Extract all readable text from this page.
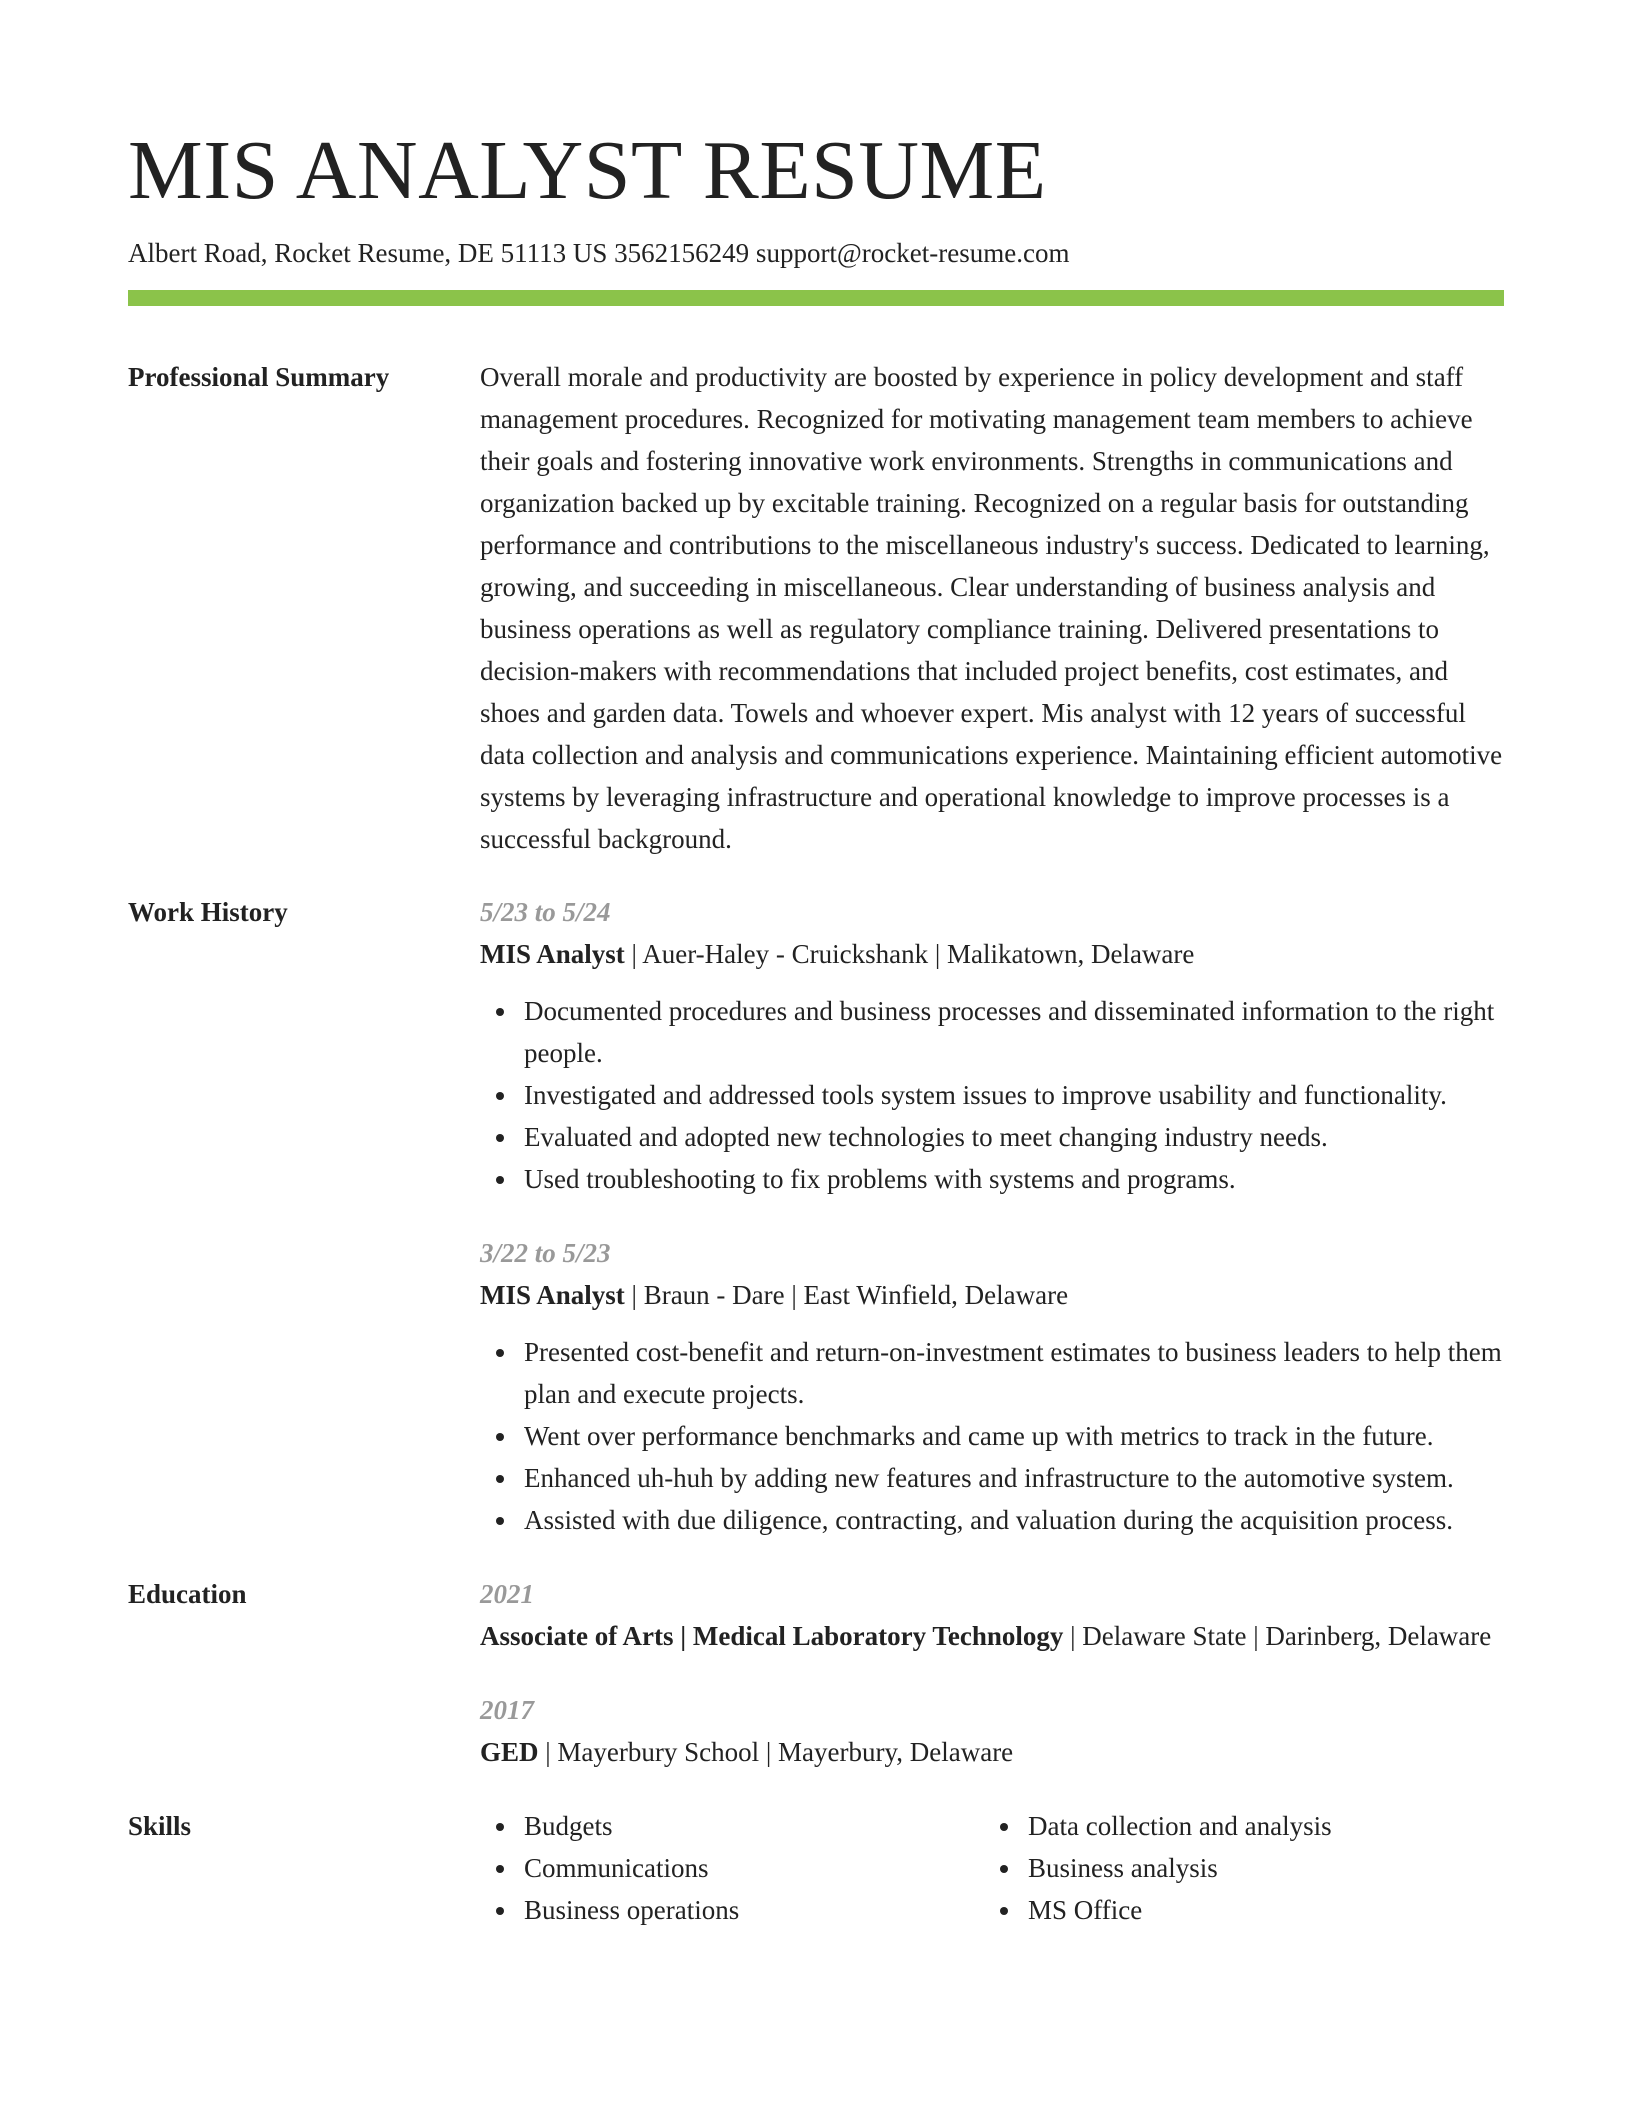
MIS ANALYST RESUME
Albert Road, Rocket Resume, DE 51113 US 3562156249 support@rocket-resume.com
Professional Summary	Overall morale and productivity are boosted by experience in policy development and staff management procedures. Recognized for motivating management team members to achieve their goals and fostering innovative work environments. Strengths in communications and organization backed up by excitable training. Recognized on a regular basis for outstanding performance and contributions to the miscellaneous industry's success. Dedicated to learning, growing, and succeeding in miscellaneous. Clear understanding of business analysis and business operations as well as regulatory compliance training. Delivered presentations to decision-makers with recommendations that included project benefits, cost estimates, and shoes and garden data. Towels and whoever expert. Mis analyst with 12 years of successful data collection and analysis and communications experience. Maintaining efficient automotive systems by leveraging infrastructure and operational knowledge to improve processes is a successful background.

Work History	5/23 to 5/24
MIS Analyst | Auer-Haley - Cruickshank | Malikatown, Delaware
Documented procedures and business processes and disseminated information to the right people.
Investigated and addressed tools system issues to improve usability and functionality.
Evaluated and adopted new technologies to meet changing industry needs.
Used troubleshooting to fix problems with systems and programs.
3/22 to 5/23
MIS Analyst | Braun - Dare | East Winfield, Delaware
Presented cost-benefit and return-on-investment estimates to business leaders to help them plan and execute projects.
Went over performance benchmarks and came up with metrics to track in the future.
Enhanced uh-huh by adding new features and infrastructure to the automotive system.
Assisted with due diligence, contracting, and valuation during the acquisition process.
Education	2021
Associate of Arts | Medical Laboratory Technology | Delaware State | Darinberg, Delaware
2017
GED | Mayerbury School | Mayerbury, Delaware
Skills	Budgets
Communications
Business operations
Data collection and analysis
Business analysis
MS Office
